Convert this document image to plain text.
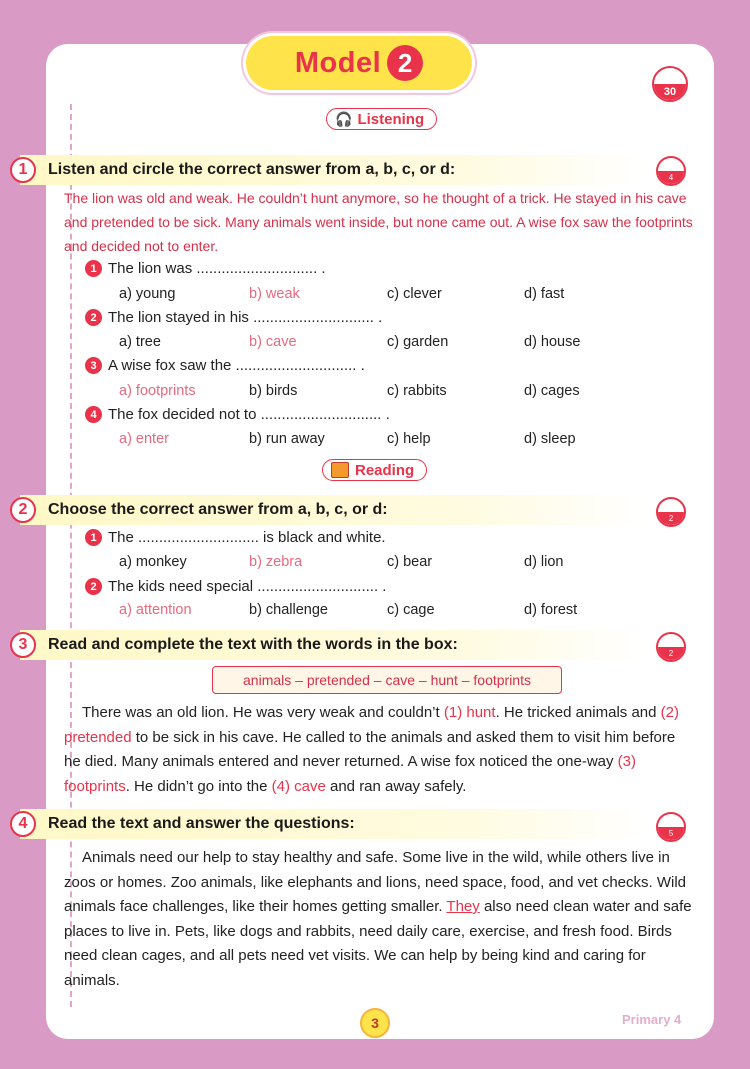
Model 2
30
🎧 Listening
1	Listen and circle the correct answer from a, b, c, or d:	4
The lion was old and weak. He couldn’t hunt anymore, so he thought of a trick. He stayed in his cave and pretended to be sick. Many animals went inside, but none came out. A wise fox saw the footprints and decided not to enter.
1 The lion was ............................. .
a) young	b) weak	c) clever	d) fast
2 The lion stayed in his ............................. .
a) tree	b) cave	c) garden	d) house
3 A wise fox saw the ............................. .
a) footprints	b) birds	c) rabbits	d) cages
4 The fox decided not to ............................. .
a) enter	b) run away	c) help	d) sleep
Reading
2	Choose the correct answer from a, b, c, or d:
2
1 The ............................. is black and white.
a) monkey	b) zebra	c) bear	d) lion
2 The kids need special ............................. .
a) attention	b) challenge	c) cage	d) forest
3	Read and complete the text with the words in the box:
2
animals – pretended – cave – hunt – footprints
There was an old lion. He was very weak and couldn’t (1) hunt. He tricked animals and (2) pretended to be sick in his cave. He called to the animals and asked them to visit him before he died. Many animals entered and never returned. A wise fox noticed the one-way (3) footprints. He didn’t go into the (4) cave and ran away safely.
4	Read the text and answer the questions:
5
Animals need our help to stay healthy and safe. Some live in the wild, while others live in zoos or homes. Zoo animals, like elephants and lions, need space, food, and vet checks. Wild animals face challenges, like their homes getting smaller. They also need clean water and safe places to live in. Pets, like dogs and rabbits, need daily care, exercise, and fresh food. Birds need clean cages, and all pets need vet visits. We can help by being kind and caring for animals.
3	Primary 4
